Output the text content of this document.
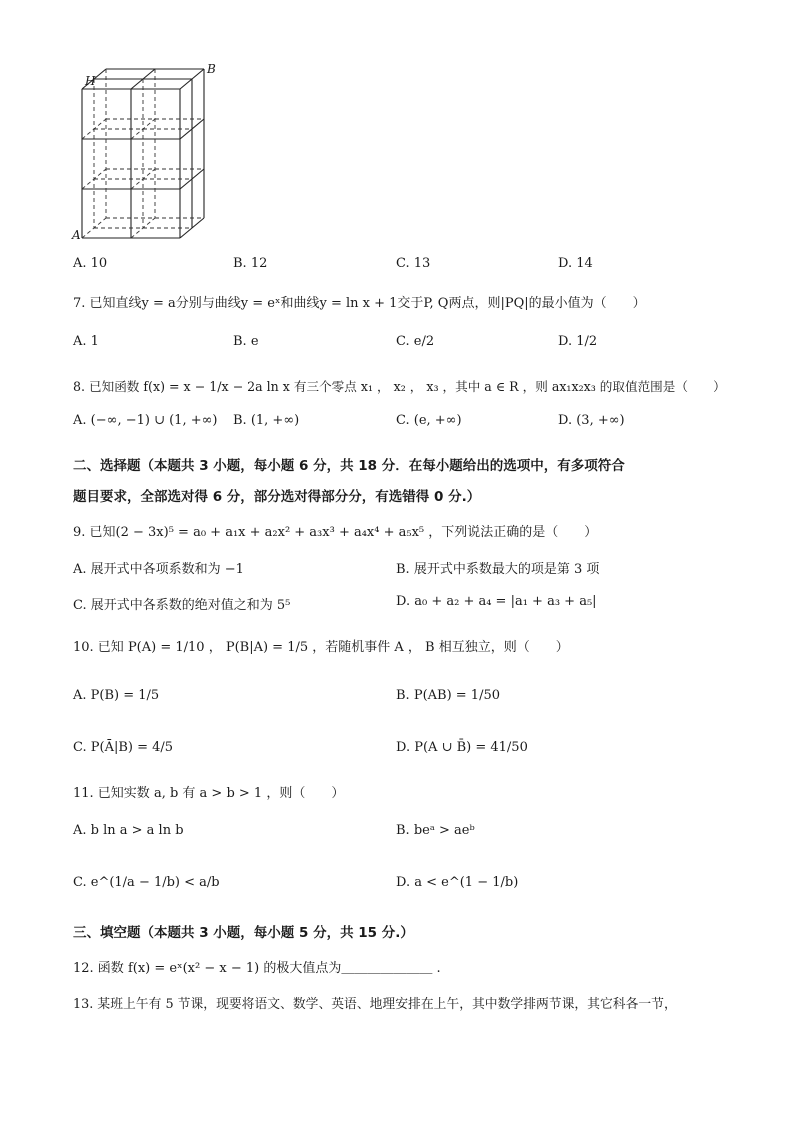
H
B
A
A. 10	B. 12	C. 13	D. 14
7. 已知直线y = a分别与曲线y = eˣ和曲线y = ln x + 1交于P, Q两点，则|PQ|的最小值为（　　）
A. 1	B. e	C. e/2	D. 1/2
8. 已知函数 f(x) = x − 1/x − 2a ln x 有三个零点 x₁ ， x₂ ， x₃ ，其中 a ∈ R ，则 ax₁x₂x₃ 的取值范围是（　　）
A. (−∞, −1) ∪ (1, +∞) B. (1, +∞)	C. (e, +∞)	D. (3, +∞)
二、选择题（本题共 3 小题，每小题 6 分，共 18 分．在每小题给出的选项中，有多项符合
题目要求，全部选对得 6 分，部分选对得部分分，有选错得 0 分.）
9. 已知(2 − 3x)⁵ = a₀ + a₁x + a₂x² + a₃x³ + a₄x⁴ + a₅x⁵ ，下列说法正确的是（　　）
A. 展开式中各项系数和为 −1	B. 展开式中系数最大的项是第 3 项
C. 展开式中各系数的绝对值之和为 5⁵	D. a₀ + a₂ + a₄ = |a₁ + a₃ + a₅|
10. 已知 P(A) = 1/10 ， P(B|A) = 1/5 ，若随机事件 A ， B 相互独立，则（　　）
A. P(B) = 1/5	B. P(AB) = 1/50
C. P(Ā|B) = 4/5	D. P(A ∪ B̄) = 41/50
11. 已知实数 a, b 有 a > b > 1 ，则（　　）
A. b ln a > a ln b	B. beᵃ > aeᵇ
C. e^(1/a − 1/b) < a/b	D. a < e^(1 − 1/b)
三、填空题（本题共 3 小题，每小题 5 分，共 15 分.）
12. 函数 f(x) = eˣ(x² − x − 1) 的极大值点为＿＿＿＿＿＿＿ .
13. 某班上午有 5 节课，现要将语文、数学、英语、地理安排在上午，其中数学排两节课，其它科各一节，
